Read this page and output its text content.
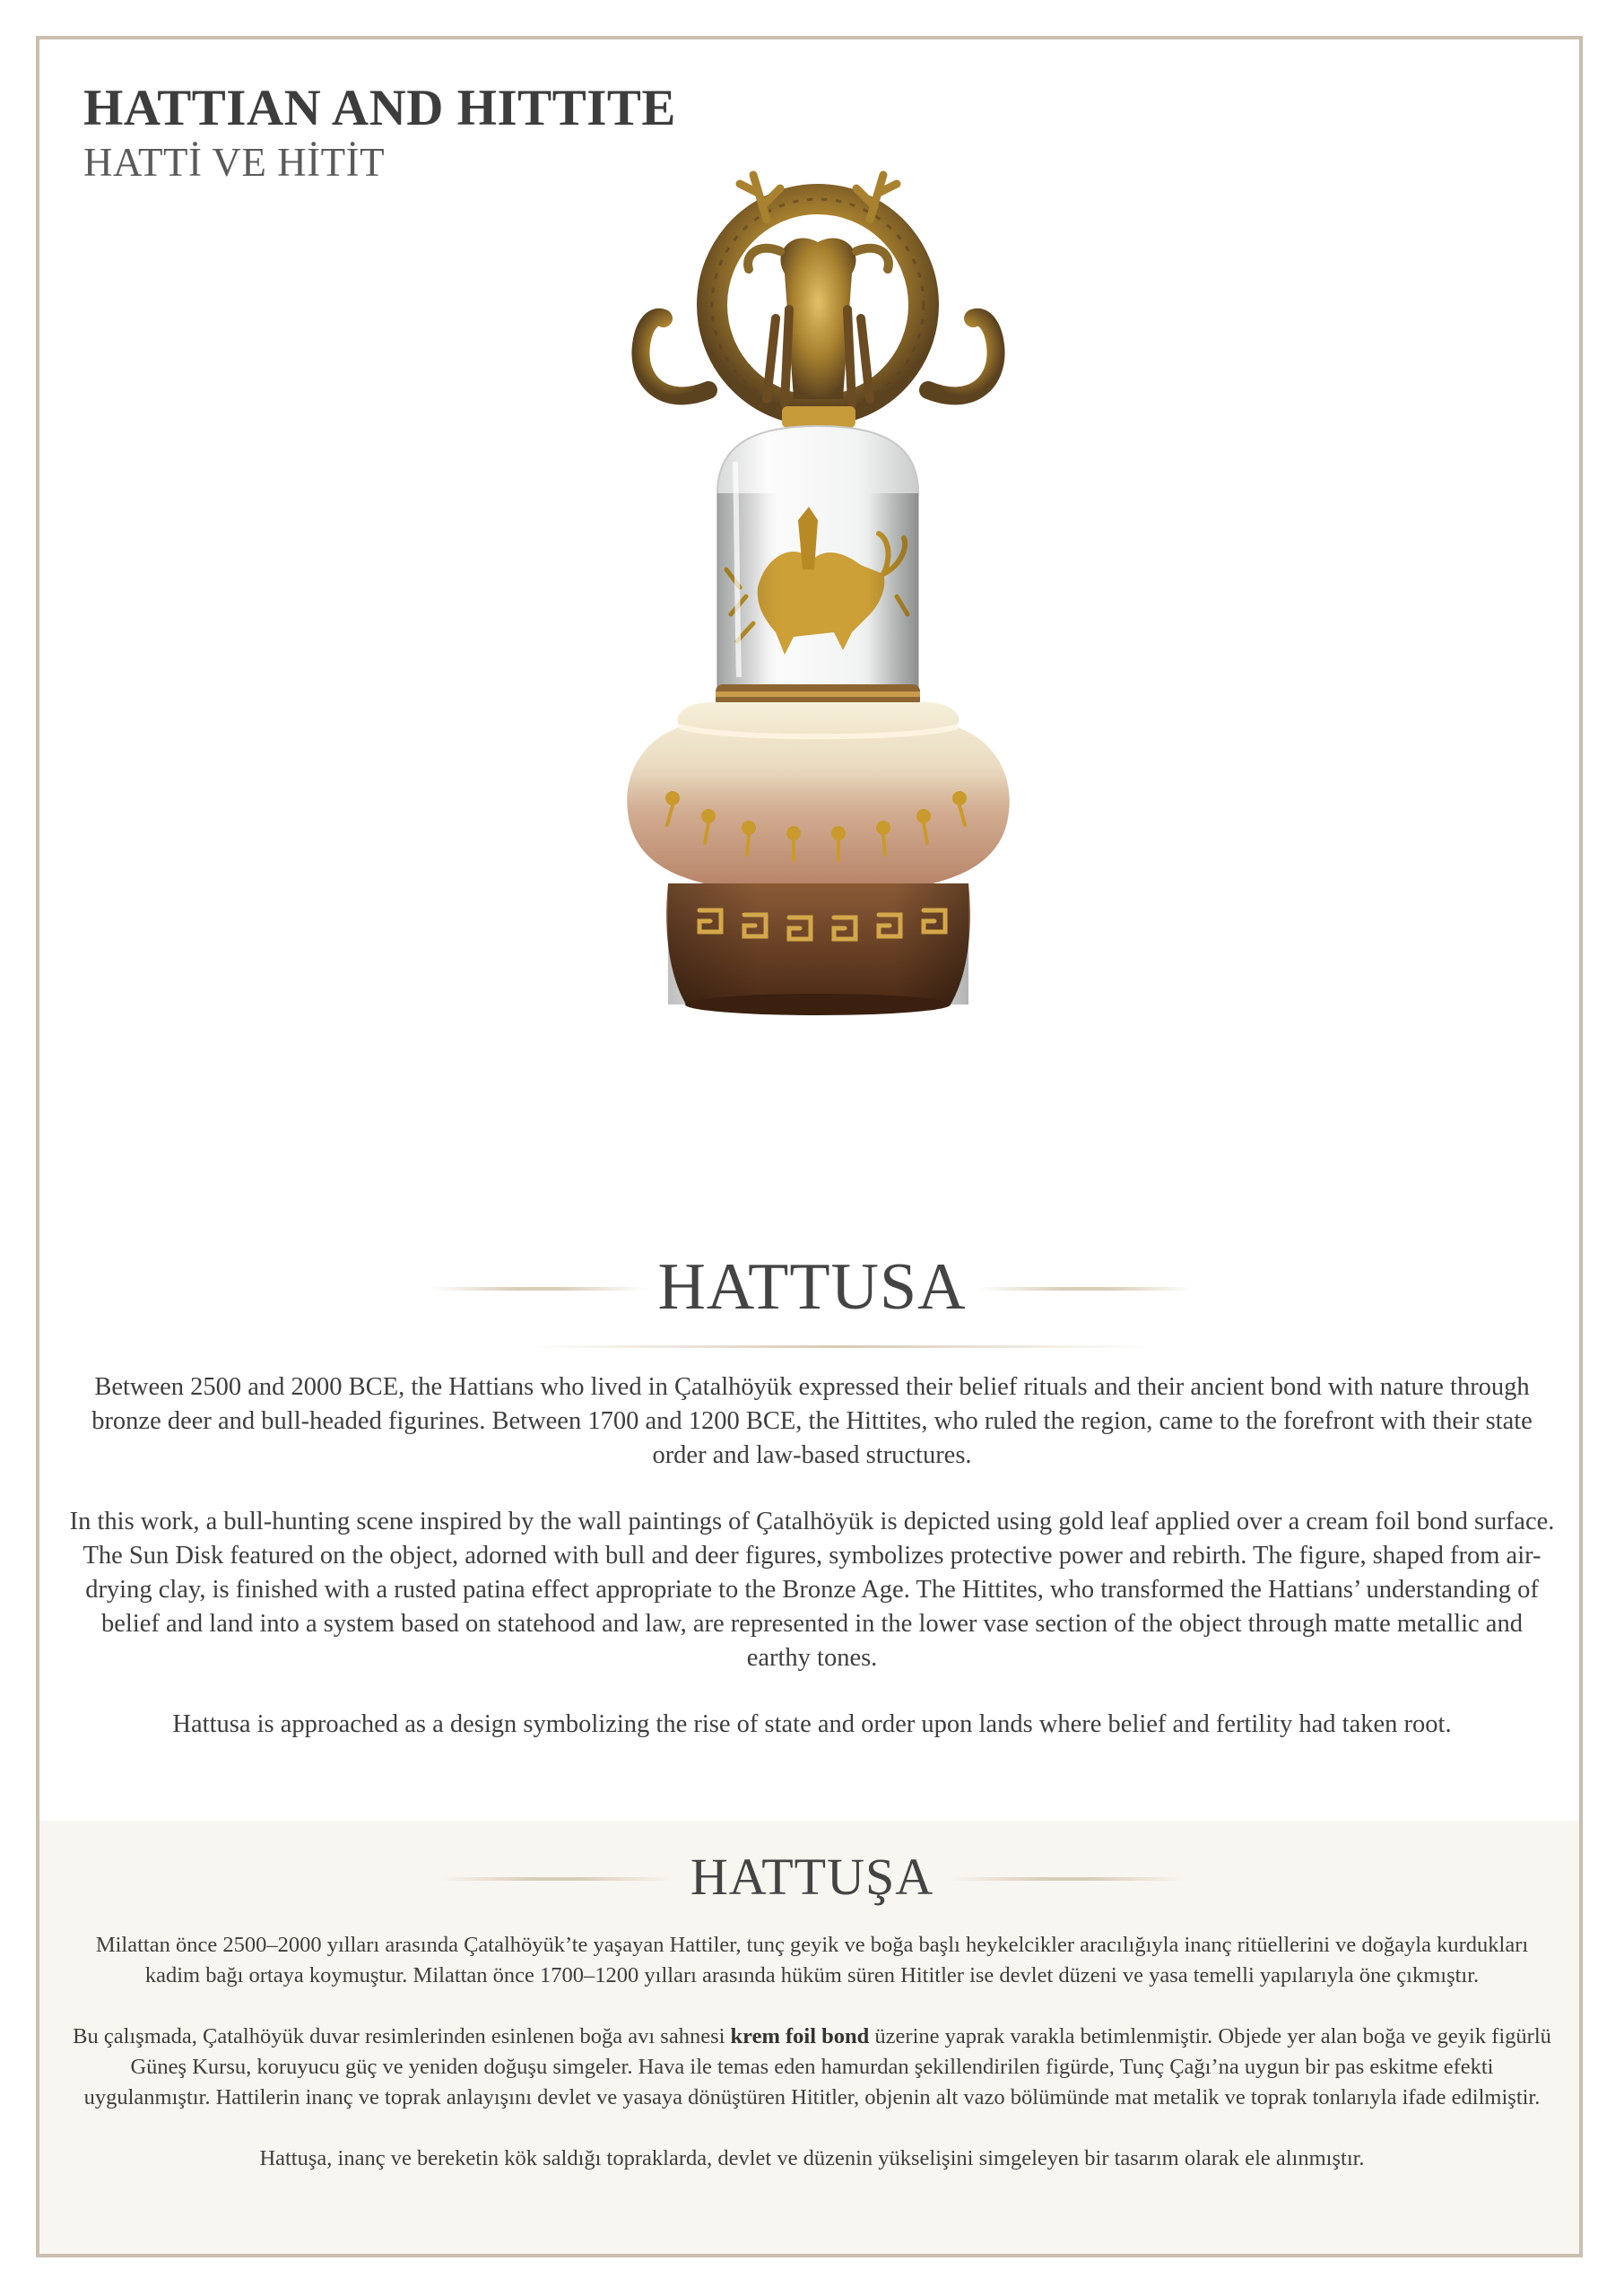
HATTIAN AND HITTITE
HATTİ VE HİTİT
HATTUSA

Between 2500 and 2000 BCE, the Hattians who lived in Çatalhöyük expressed their belief rituals and their ancient bond with nature through bronze deer and bull-headed figurines. Between 1700 and 1200 BCE, the Hittites, who ruled the region, came to the forefront with their state order and law-based structures.

In this work, a bull-hunting scene inspired by the wall paintings of Çatalhöyük is depicted using gold leaf applied over a cream foil bond surface. The Sun Disk featured on the object, adorned with bull and deer figures, symbolizes protective power and rebirth. The figure, shaped from air-drying clay, is finished with a rusted patina effect appropriate to the Bronze Age. The Hittites, who transformed the Hattians’ understanding of belief and land into a system based on statehood and law, are represented in the lower vase section of the object through matte metallic and earthy tones.

Hattusa is approached as a design symbolizing the rise of state and order upon lands where belief and fertility had taken root.

HATTUŞA

Milattan önce 2500–2000 yılları arasında Çatalhöyük’te yaşayan Hattiler, tunç geyik ve boğa başlı heykelcikler aracılığıyla inanç ritüellerini ve doğayla kurdukları kadim bağı ortaya koymuştur. Milattan önce 1700–1200 yılları arasında hüküm süren Hititler ise devlet düzeni ve yasa temelli yapılarıyla öne çıkmıştır.

Bu çalışmada, Çatalhöyük duvar resimlerinden esinlenen boğa avı sahnesi krem foil bond üzerine yaprak varakla betimlenmiştir. Objede yer alan boğa ve geyik figürlü Güneş Kursu, koruyucu güç ve yeniden doğuşu simgeler. Hava ile temas eden hamurdan şekillendirilen figürde, Tunç Çağı’na uygun bir pas eskitme efekti uygulanmıştır. Hattilerin inanç ve toprak anlayışını devlet ve yasaya dönüştüren Hititler, objenin alt vazo bölümünde mat metalik ve toprak tonlarıyla ifade edilmiştir.

Hattuşa, inanç ve bereketin kök saldığı topraklarda, devlet ve düzenin yükselişini simgeleyen bir tasarım olarak ele alınmıştır.
